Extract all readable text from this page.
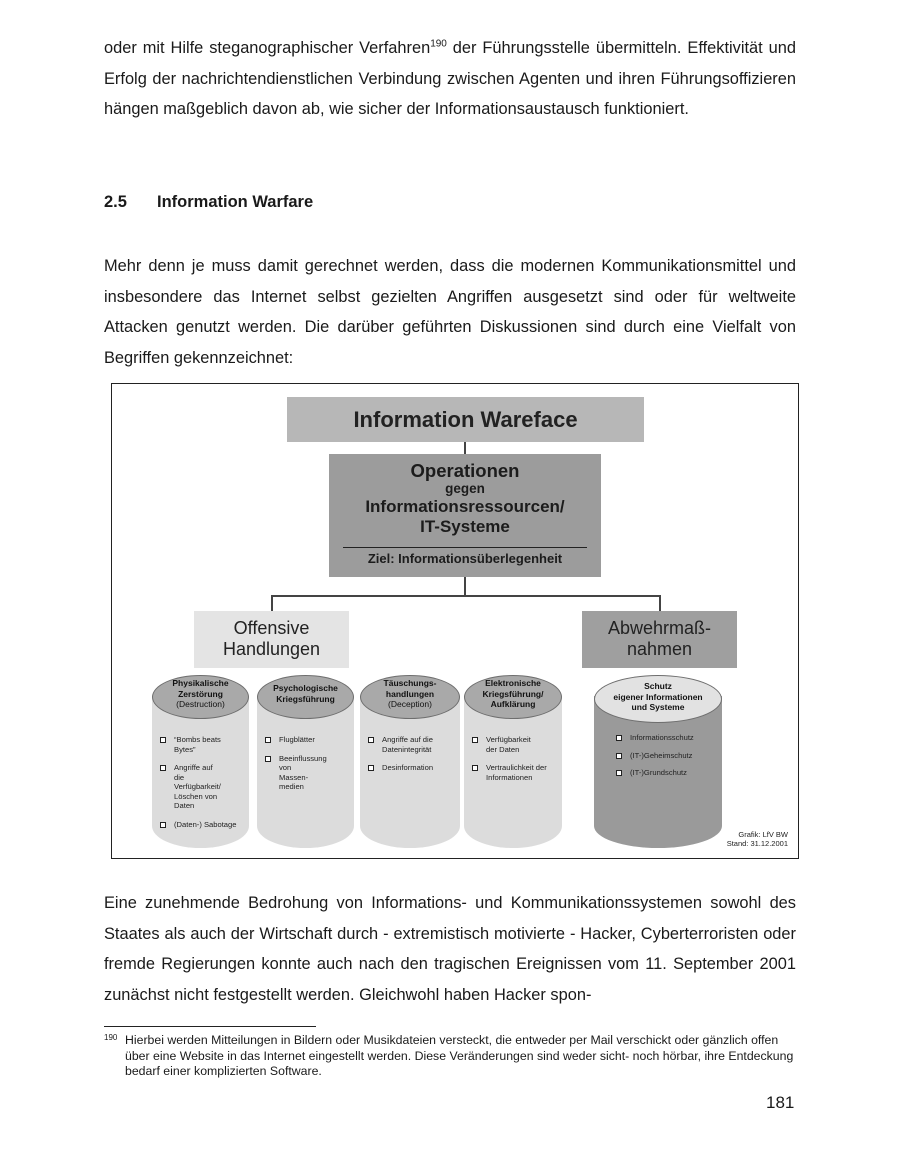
oder mit Hilfe steganographischer Verfahren$^{190}$ der Führungsstelle übermitteln. Effektivität und Erfolg der nachrichtendienstlichen Verbindung zwischen Agenten und ihren Führungsoffizieren hängen maßgeblich davon ab, wie sicher der Informationsaustausch funktioniert.

2.5 Information Warfare

Mehr denn je muss damit gerechnet werden, dass die modernen Kommunikationsmittel und insbesondere das Internet selbst gezielten Angriffen ausgesetzt sind oder für weltweite Attacken genutzt werden. Die darüber geführten Diskussionen sind durch eine Vielfalt von Begriffen gekennzeichnet:

Information Wareface
Operationen
gegen
Informationsressourcen/
IT-Systeme
Ziel: Informationsüberlegenheit
Offensive
Handlungen
Abwehrmaß-
nahmen
Physikalische
Zerstörung
(Destruction)
“Bombs beats Bytes”
Angriffe auf die Verfügbarkeit/ Löschen von Daten
(Daten-) Sabotage
Psychologische
Kriegsführung
Flugblätter
Beeinflussung von Massen-medien
Täuschungs-
handlungen
(Deception)
Angriffe auf die Datenintegrität
Desinformation
Elektronische
Kriegsführung/
Aufklärung
Verfügbarkeit der Daten
Vertraulichkeit der Informationen
Schutz
eigener Informationen
und Systeme
Informationsschutz
(IT-)Geheimschutz
(IT-)Grundschutz
Grafik: LfV BW
Stand: 31.12.2001

Eine zunehmende Bedrohung von Informations- und Kommunikationssystemen sowohl des Staates als auch der Wirtschaft durch - extremistisch motivierte - Hacker, Cyberterroristen oder fremde Regierungen konnte auch nach den tragischen Ereignissen vom 11. September 2001 zunächst nicht festgestellt werden. Gleichwohl haben Hacker spon-

190 Hierbei werden Mitteilungen in Bildern oder Musikdateien versteckt, die entweder per Mail verschickt oder gänzlich offen über eine Website in das Internet eingestellt werden. Diese Veränderungen sind weder sicht- noch hörbar, ihre Entdeckung bedarf einer komplizierten Software.

181
